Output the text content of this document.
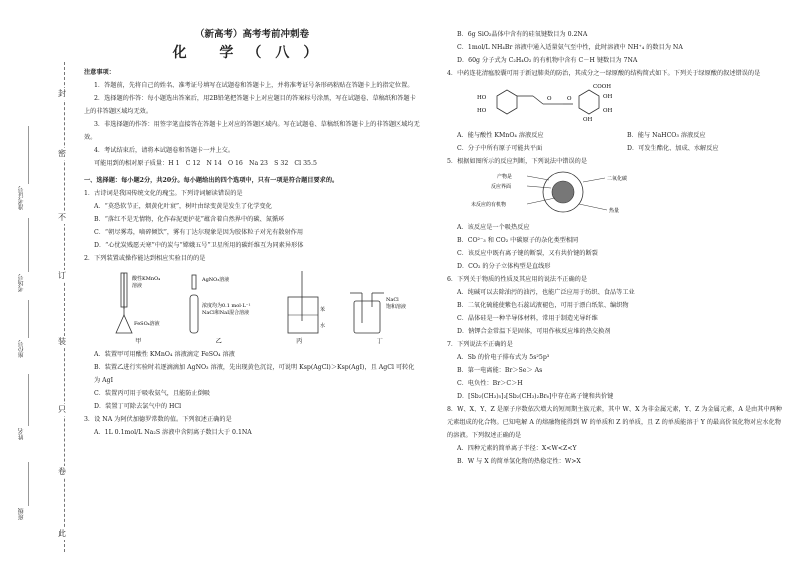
此
卷
只
装
订
不
密
封
准考证号
考场号
座位号
姓名
班级
（新高考）高考考前冲刺卷
化 学（八）
注意事项：
1．答题前，先将自己的姓名、准考证号填写在试题卷和答题卡上，并将准考证号条形码粘贴在答题卡上的指定位置。
2．选择题的作答：每小题选出答案后，用2B铅笔把答题卡上对应题目的答案标号涂黑，写在试题卷、草稿纸和答题卡上的非答题区域均无效。
3．非选择题的作答：用签字笔直接答在答题卡上对应的答题区域内。写在试题卷、草稿纸和答题卡上的非答题区域均无效。
4．考试结束后，请将本试题卷和答题卡一并上交。
可能用到的相对原子质量：H 1　C 12　N 14　O 16　Na 23　S 32　Cl 35.5
一、选择题：每小题2分，共20分。每小题给出的四个选项中，只有一项是符合题目要求的。
1．古诗词是我国传统文化的瑰宝。下列诗词解读错误的是
A．“莫恐软节正，烟黄化叶衰”，树叶由绿变黄是发生了化学变化
B．“落红不是无情物，化作春泥更护花”蕴含着自然界中的碳、氮循环
C．“朝尽雾毒，嘀碎倾饮”，雾有丁达尔现象是因为胶体粒子对光有散射作用
D．“心忧炭贱愿天寒”中的炭与“嫦娥五号”卫星所用的碳纤维互为同素异形体
2．下列装置或操作能达到相应实验目的的是
酸性KMnO₄
溶液
FeSO₄溶液
AgNO₃溶液
浓度均为0.1 mol·L⁻¹
NaCl和NaI混合溶液	苯
水
NaCl
饱和溶液
甲	乙	丙	丁
A．装置甲可用酸性 KMnO₄ 溶液滴定 FeSO₄ 溶液
B．装置乙进行实验时若逐滴滴加 AgNO₃ 溶液，先出现黄色沉淀，可说明 Ksp(AgCl)＞Ksp(AgI)，且 AgCl 可转化为 AgI
C．装置丙可用于吸收氨气，且能防止倒吸
D．装置丁可除去氯气中的 HCl
3．设 NA 为阿伏加德罗常数的值。下列叙述正确的是
A．1L 0.1mol/L Na₂S 溶液中含阴离子数目大于 0.1NA
B．6g SiO₂晶体中含有的硅氧键数目为 0.2NA
C．1mol/L NH₄Br 溶液中通入适量氨气至中性，此时溶液中 NH⁺₄ 的数目为 NA
D．60g 分子式为 C₂H₄O₂ 的有机物中含有 C－H 键数目为 7NA
4．中药连花清瘟胶囊可用于新冠肺炎的防治，其成分之一绿原酸的结构简式如下。下列关于绿原酸的叙述错误的是
HO
HO
O	O
COOH
OH
OH
OH
A．能与酸性 KMnO₄ 溶液反应	B．能与 NaHCO₃ 溶液反应
C．分子中所有原子可能共平面	D．可发生酯化、加成、水解反应
5．根据如图所示的反应判断，下列说法中错误的是
产物是
反应界面
未反应的有机物
二氧化碳
热量
A．该反应是一个吸热反应
B．CO²⁻₃ 和 CO₂ 中碳原子的杂化类型相同
C．该反应中既有离子键的断裂，又有共价键的断裂
D．CO₂ 的分子立体构型是直线形
6．下列关于物质的性质及其应用的说法不正确的是
A．纯碱可以去除油污的油污，也能广泛应用于纺织、食品等工业
B．二氧化硫能使紫色石蕊试液褪色，可用于漂白纸浆、编织物
C．晶体硅是一种半导体材料，常用于制造光导纤维
D．钠钾合金常温下是固体，可用作核反应堆的热交换剂
7．下列说法不正确的是
A．Sb 的价电子排布式为 5s²5p³
B．第一电离能：Br＞Se＞ As
C．电负性：Br＞C＞H
D．[Sb₂(CH₃)₅]₂[Sb₂(CH₃)₂Br₆]中存在离子键和共价键
8．W、X、Y、Z 是原子序数依次增大的短周期主族元素，其中 W、X 为非金属元素，Y、Z 为金属元素，A 是由其中两种元素组成的化合物。已知电解 A 的熔融物能得到 W 的单质和 Z 的单质，且 Z 的单质能溶于 Y 的最高价氧化物对应水化物的溶液。下列叙述正确的是
A．四种元素的简单离子半径：X<W<Z<Y
B．W 与 X 的简单氢化物的热稳定性：W>X
